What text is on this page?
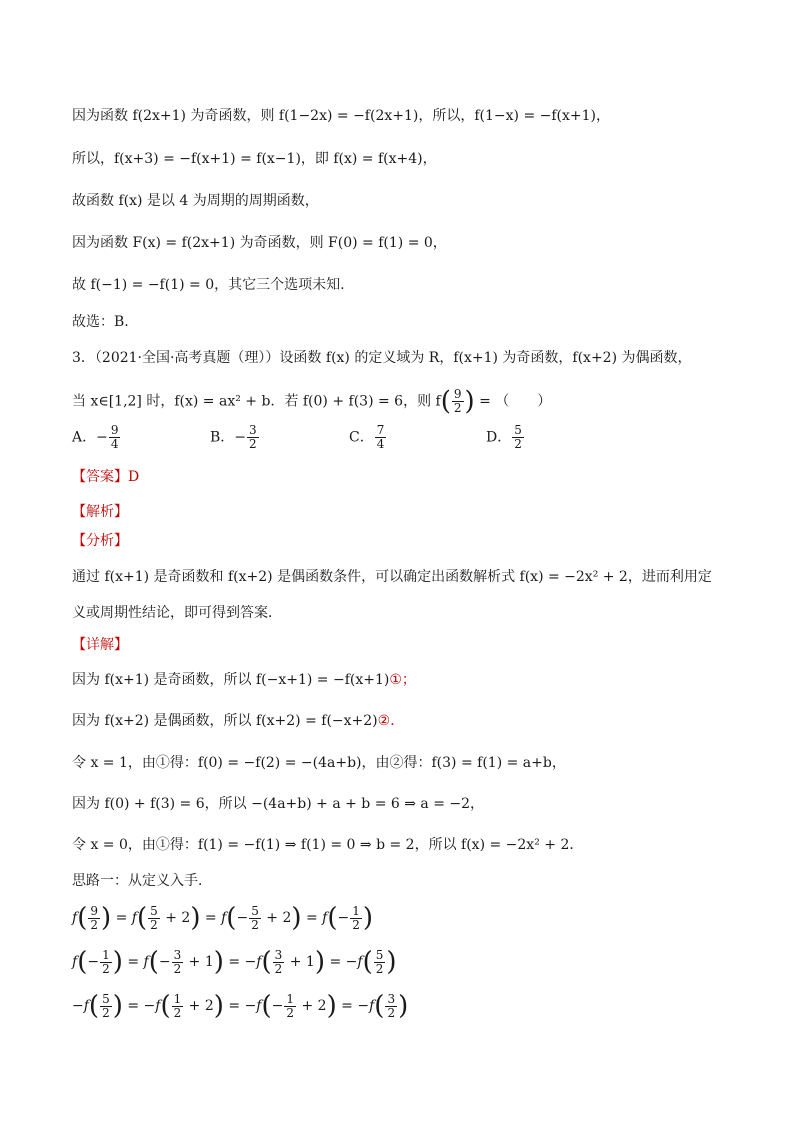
因为函数 f(2x+1) 为奇函数，则 f(1−2x) = −f(2x+1)，所以，f(1−x) = −f(x+1)，
所以，f(x+3) = −f(x+1) = f(x−1)，即 f(x) = f(x+4)，
故函数 f(x) 是以 4 为周期的周期函数，
因为函数 F(x) = f(2x+1) 为奇函数，则 F(0) = f(1) = 0，
故 f(−1) = −f(1) = 0，其它三个选项未知.
故选：B.
3．（2021·全国·高考真题（理））设函数 f(x) 的定义域为 R，f(x+1) 为奇函数，f(x+2) 为偶函数，
当 x∈[1,2] 时，f(x) = ax² + b．若 f(0) + f(3) = 6，则 $f( \frac{9}{2}$ ) = （　　）
A．− $\frac{9}{4}$	B．− $\frac{3}{2}$	C． $\frac{7}{4}$	D． $\frac{5}{2}$
【答案】D
【解析】
【分析】
通过 f(x+1) 是奇函数和 f(x+2) 是偶函数条件，可以确定出函数解析式 f(x) = −2x² + 2，进而利用定
义或周期性结论，即可得到答案．
【详解】
因为 f(x+1) 是奇函数，所以 f(−x+1) = −f(x+1)①；
因为 f(x+2) 是偶函数，所以 f(x+2) = f(−x+2)②．
令 x = 1，由①得：f(0) = −f(2) = −(4a+b)，由②得：f(3) = f(1) = a+b，
因为 f(0) + f(3) = 6，所以 −(4a+b) + a + b = 6 ⇒ a = −2，
令 x = 0，由①得：f(1) = −f(1) ⇒ f(1) = 0 ⇒ b = 2，所以 f(x) = −2x² + 2．
思路一：从定义入手．
$f( \frac{9}{2}$ ) = $f( \frac{5}{2} + 2) = f(- \frac{5}{2} + 2) = f(- \frac{1}{2}$ )
$f(- \frac{1}{2}$ ) = $f(- \frac{3}{2} + 1) = -f( \frac{3}{2} + 1) = -f( \frac{5}{2}$ )
$-f( \frac{5}{2}$ ) = $-f( \frac{1}{2} + 2) = -f(- \frac{1}{2} + 2) = -f( \frac{3}{2}$ )
